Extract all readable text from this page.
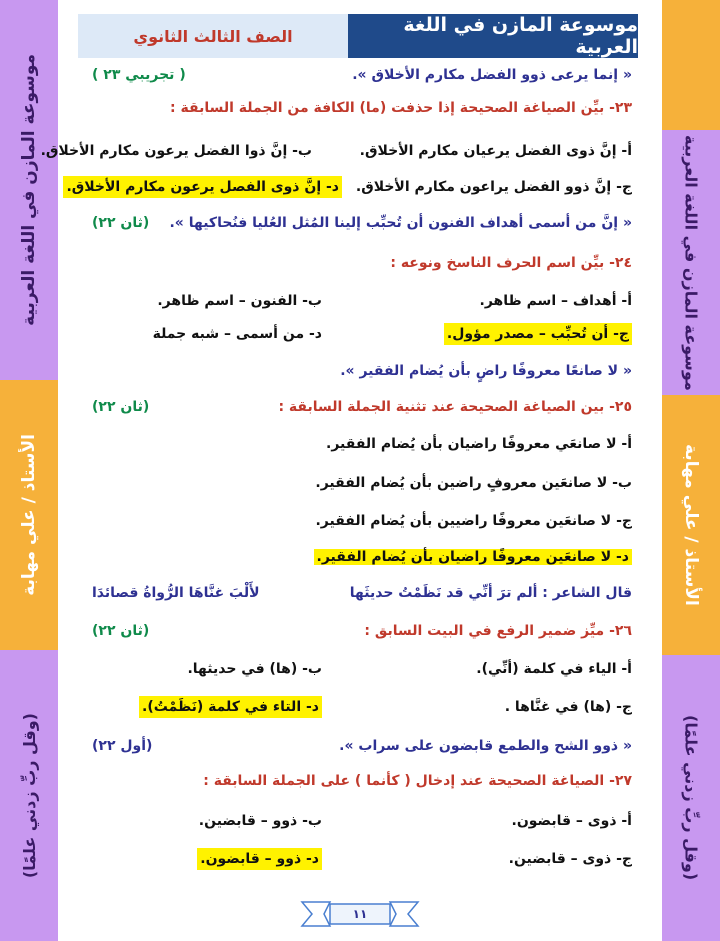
موسوعة المازن في اللغة العربية
الأستاذ / علي مهابة
(وقل ربِّ زدني علمًا)
موسوعة المازن في اللغة العربية
الأستاذ / علي مهابة
(وقل ربِّ زدني علمًا)
موسوعة المازن في اللغة العربية
الصف الثالث الثانوي
« إنما يرعى ذوو الفضل مكارم الأخلاق ».
( تجريبي ٢٣ )
٢٣- بيِّن الصياغة الصحيحة إذا حذفت (ما) الكافة من الجملة السابقة :
أ- إنَّ ذوى الفضل يرعيان مكارم الأخلاق.
ب- إنَّ ذوا الفضل يرعون مكارم الأخلاق.
ج- إنَّ ذوو الفضل يراعون مكارم الأخلاق.
د- إنَّ ذوى الفصل يرعون مكارم الأخلاق.
« إنَّ من أسمى أهداف الفنون أن تُحبِّب إلينا المُثل العُليا فنُحاكيها ».
(ثان ٢٢)
٢٤- بيِّن اسم الحرف الناسخ ونوعه :
أ- أهداف – اسم ظاهر.
ب- الفنون – اسم ظاهر.
ج- أن تُحبِّب – مصدر مؤول.
د- من أسمى – شبه جملة
« لا صانعًا معروفًا راضٍ بأن يُضام الفقير ».
٢٥- بين الصياغة الصحيحة عند تثنية الجملة السابقة :
(ثان ٢٢)
أ- لا صانعَي معروفًا راضيان بأن يُضام الفقير.
ب- لا صانعَين معروفٍ راضين بأن يُضام الفقير.
ج- لا صانعَين معروفًا راضيين بأن يُضام الفقير.
د- لا صانعَين معروفًا راضيان بأن يُضام الفقير.
قال الشاعر : ألم ترَ أنِّي قد نَظَمْتُ حديثَها
لأَلْبَ غنَّاهَا الرُّواةُ قصائدَا
٢٦- ميِّز ضمير الرفع في البيت السابق :
(ثان ٢٢)
أ- الياء في كلمة (أنِّي).
ب- (ها) في حديثها.
ج- (ها) في غنَّاها .
د- التاء في كلمة (نَظَمْتُ).
« ذوو الشح والطمع قابضون على سراب ».
(أول ٢٢)
٢٧- الصياغة الصحيحة عند إدخال ( كأنما ) على الجملة السابقة :
أ- ذوى – قابضون.
ب- ذوو – قابضين.
ج- ذوى – قابضين.
د- ذوو – قابضون.
١١
